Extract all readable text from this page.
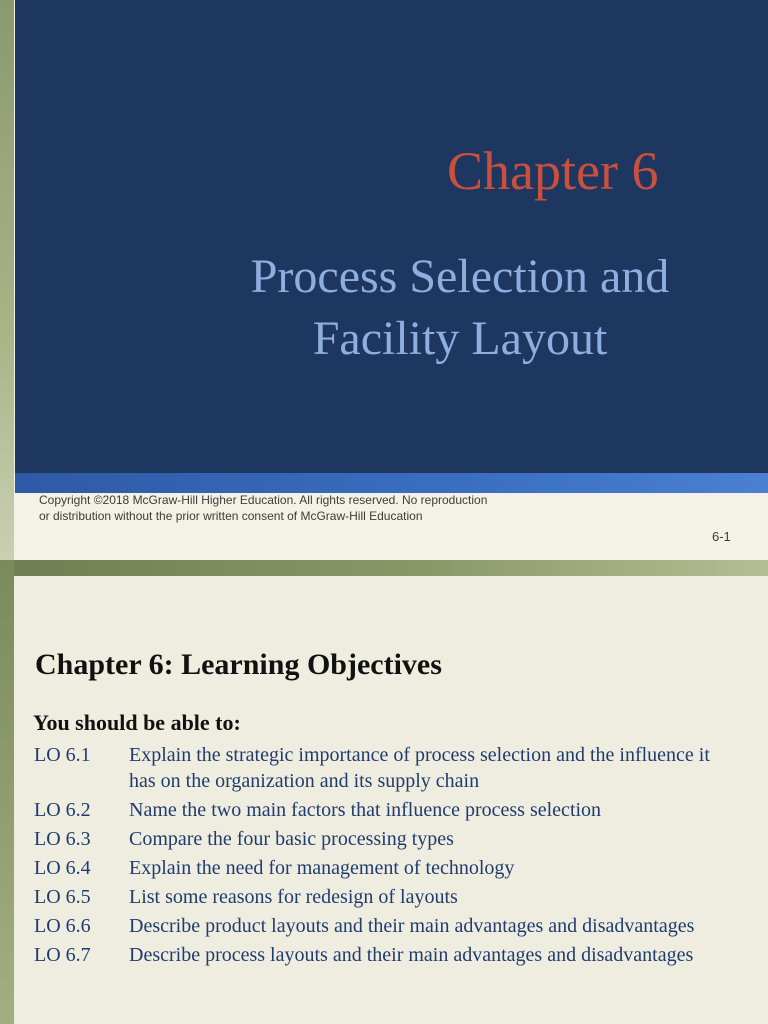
Chapter 6
Process Selection and
Facility Layout

Copyright ©2018 McGraw-Hill Higher Education. All rights reserved. No reproduction or distribution without the prior written consent of McGraw-Hill Education

6-1
Chapter 6: Learning Objectives

You should be able to:

LO 6.1	Explain the strategic importance of process selection and the influence it has on the organization and its supply chain
LO 6.2	Name the two main factors that influence process selection
LO 6.3	Compare the four basic processing types
LO 6.4	Explain the need for management of technology
LO 6.5	List some reasons for redesign of layouts
LO 6.6	Describe product layouts and their main advantages and disadvantages
LO 6.7	Describe process layouts and their main advantages and disadvantages
